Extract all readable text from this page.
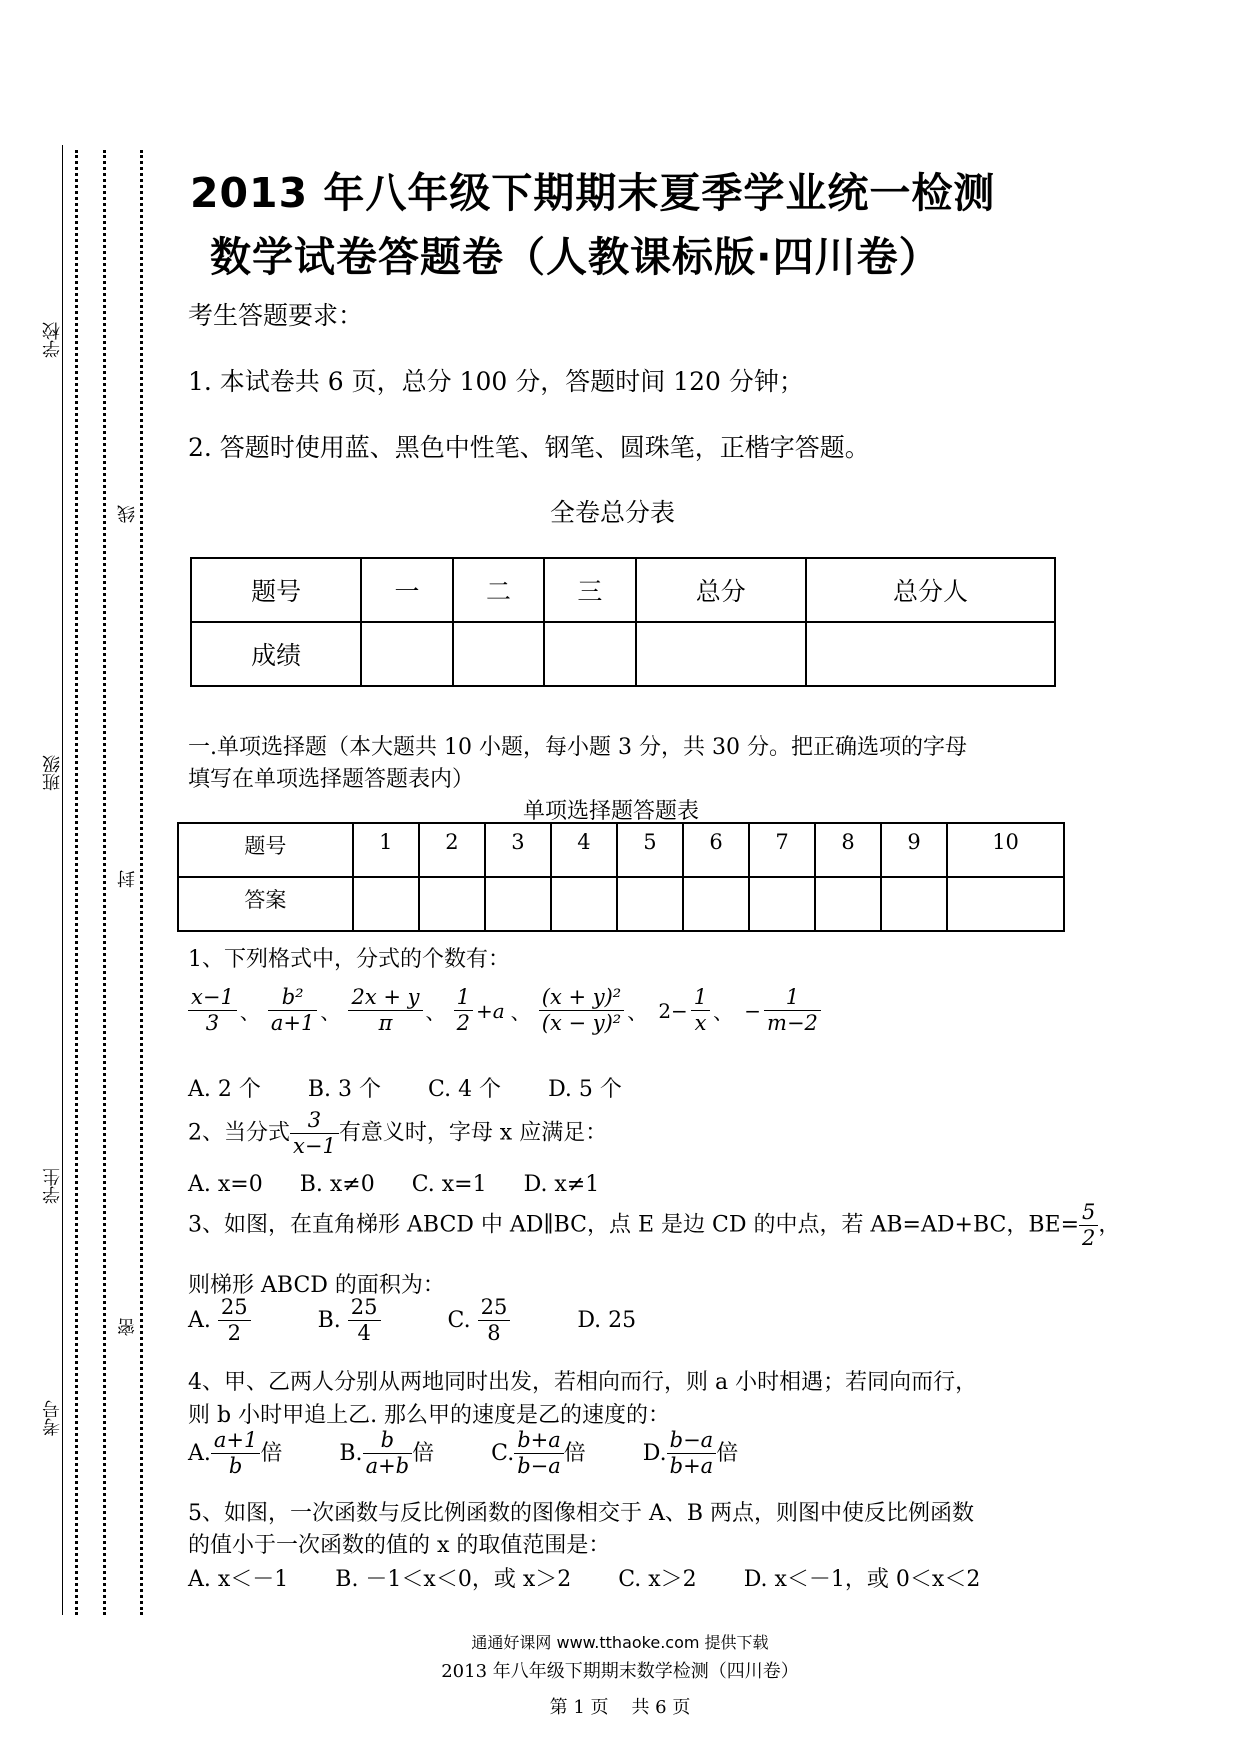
学校
班级
学生
考号
线
封
密
2013 年八年级下期期末夏季学业统一检测
数学试卷答题卷（人教课标版·四川卷）
考生答题要求：
1. 本试卷共 6 页，总分 100 分，答题时间 120 分钟；
2. 答题时使用蓝、黑色中性笔、钢笔、圆珠笔，正楷字答题。
全卷总分表
题号	一	二	三	总分	总分人
成绩					
一.单项选择题（本大题共 10 小题，每小题 3 分，共 30 分。把正确选项的字母
填写在单项选择题答题表内）
单项选择题答题表
题号	1	2	3	4	5	6	7	8	9	10
答案										
1、下列格式中，分式的个数有：
$\frac{x-1}{3}$ 、 $\frac{\text{b²}}{a+1}$ 、 $\frac{2x + y}{\pi}$ 、 $\frac{1}{2} +a$ 、 $\frac{\text{(x + y)²}}{\text{(x − y)²}}$ 、 $2- \frac{1}{x}$ 、 − $\frac{1}{m-2}$
A. 2 个 B. 3 个 C. 4 个 D. 5 个
2、当分式 $\frac{3}{x-1}$ 有意义时，字母 x 应满足：
A. x=0 B. x≠0 C. x=1 D. x≠1
3、如图，在直角梯形 ABCD 中 AD∥BC，点 E 是边 CD 的中点，若 AB=AD+BC，$BE= \frac{5}{2}$ ，
则梯形 ABCD 的面积为：
A. $\frac{25}{2}$	B. $\frac{25}{4}$	C. $\frac{25}{8}$	D. 25
4、甲、乙两人分别从两地同时出发，若相向而行，则 a 小时相遇；若同向而行，
则 b 小时甲追上乙. 那么甲的速度是乙的速度的：
A. $\frac{a+1}{b}$ 倍	B. $\frac{b}{a+b}$ 倍	C. $\frac{b+a}{b-a}$ 倍	D. $\frac{b-a}{b+a}$ 倍
5、如图，一次函数与反比例函数的图像相交于 A、B 两点，则图中使反比例函数
的值小于一次函数的值的 x 的取值范围是：
A. x＜－1 B. －1＜x＜0，或 x＞2 C. x＞2 D. x＜－1，或 0＜x＜2
通通好课网 www.tthaoke.com 提供下载
2013 年八年级下期期末数学检测（四川卷）
第 1 页    共 6 页
